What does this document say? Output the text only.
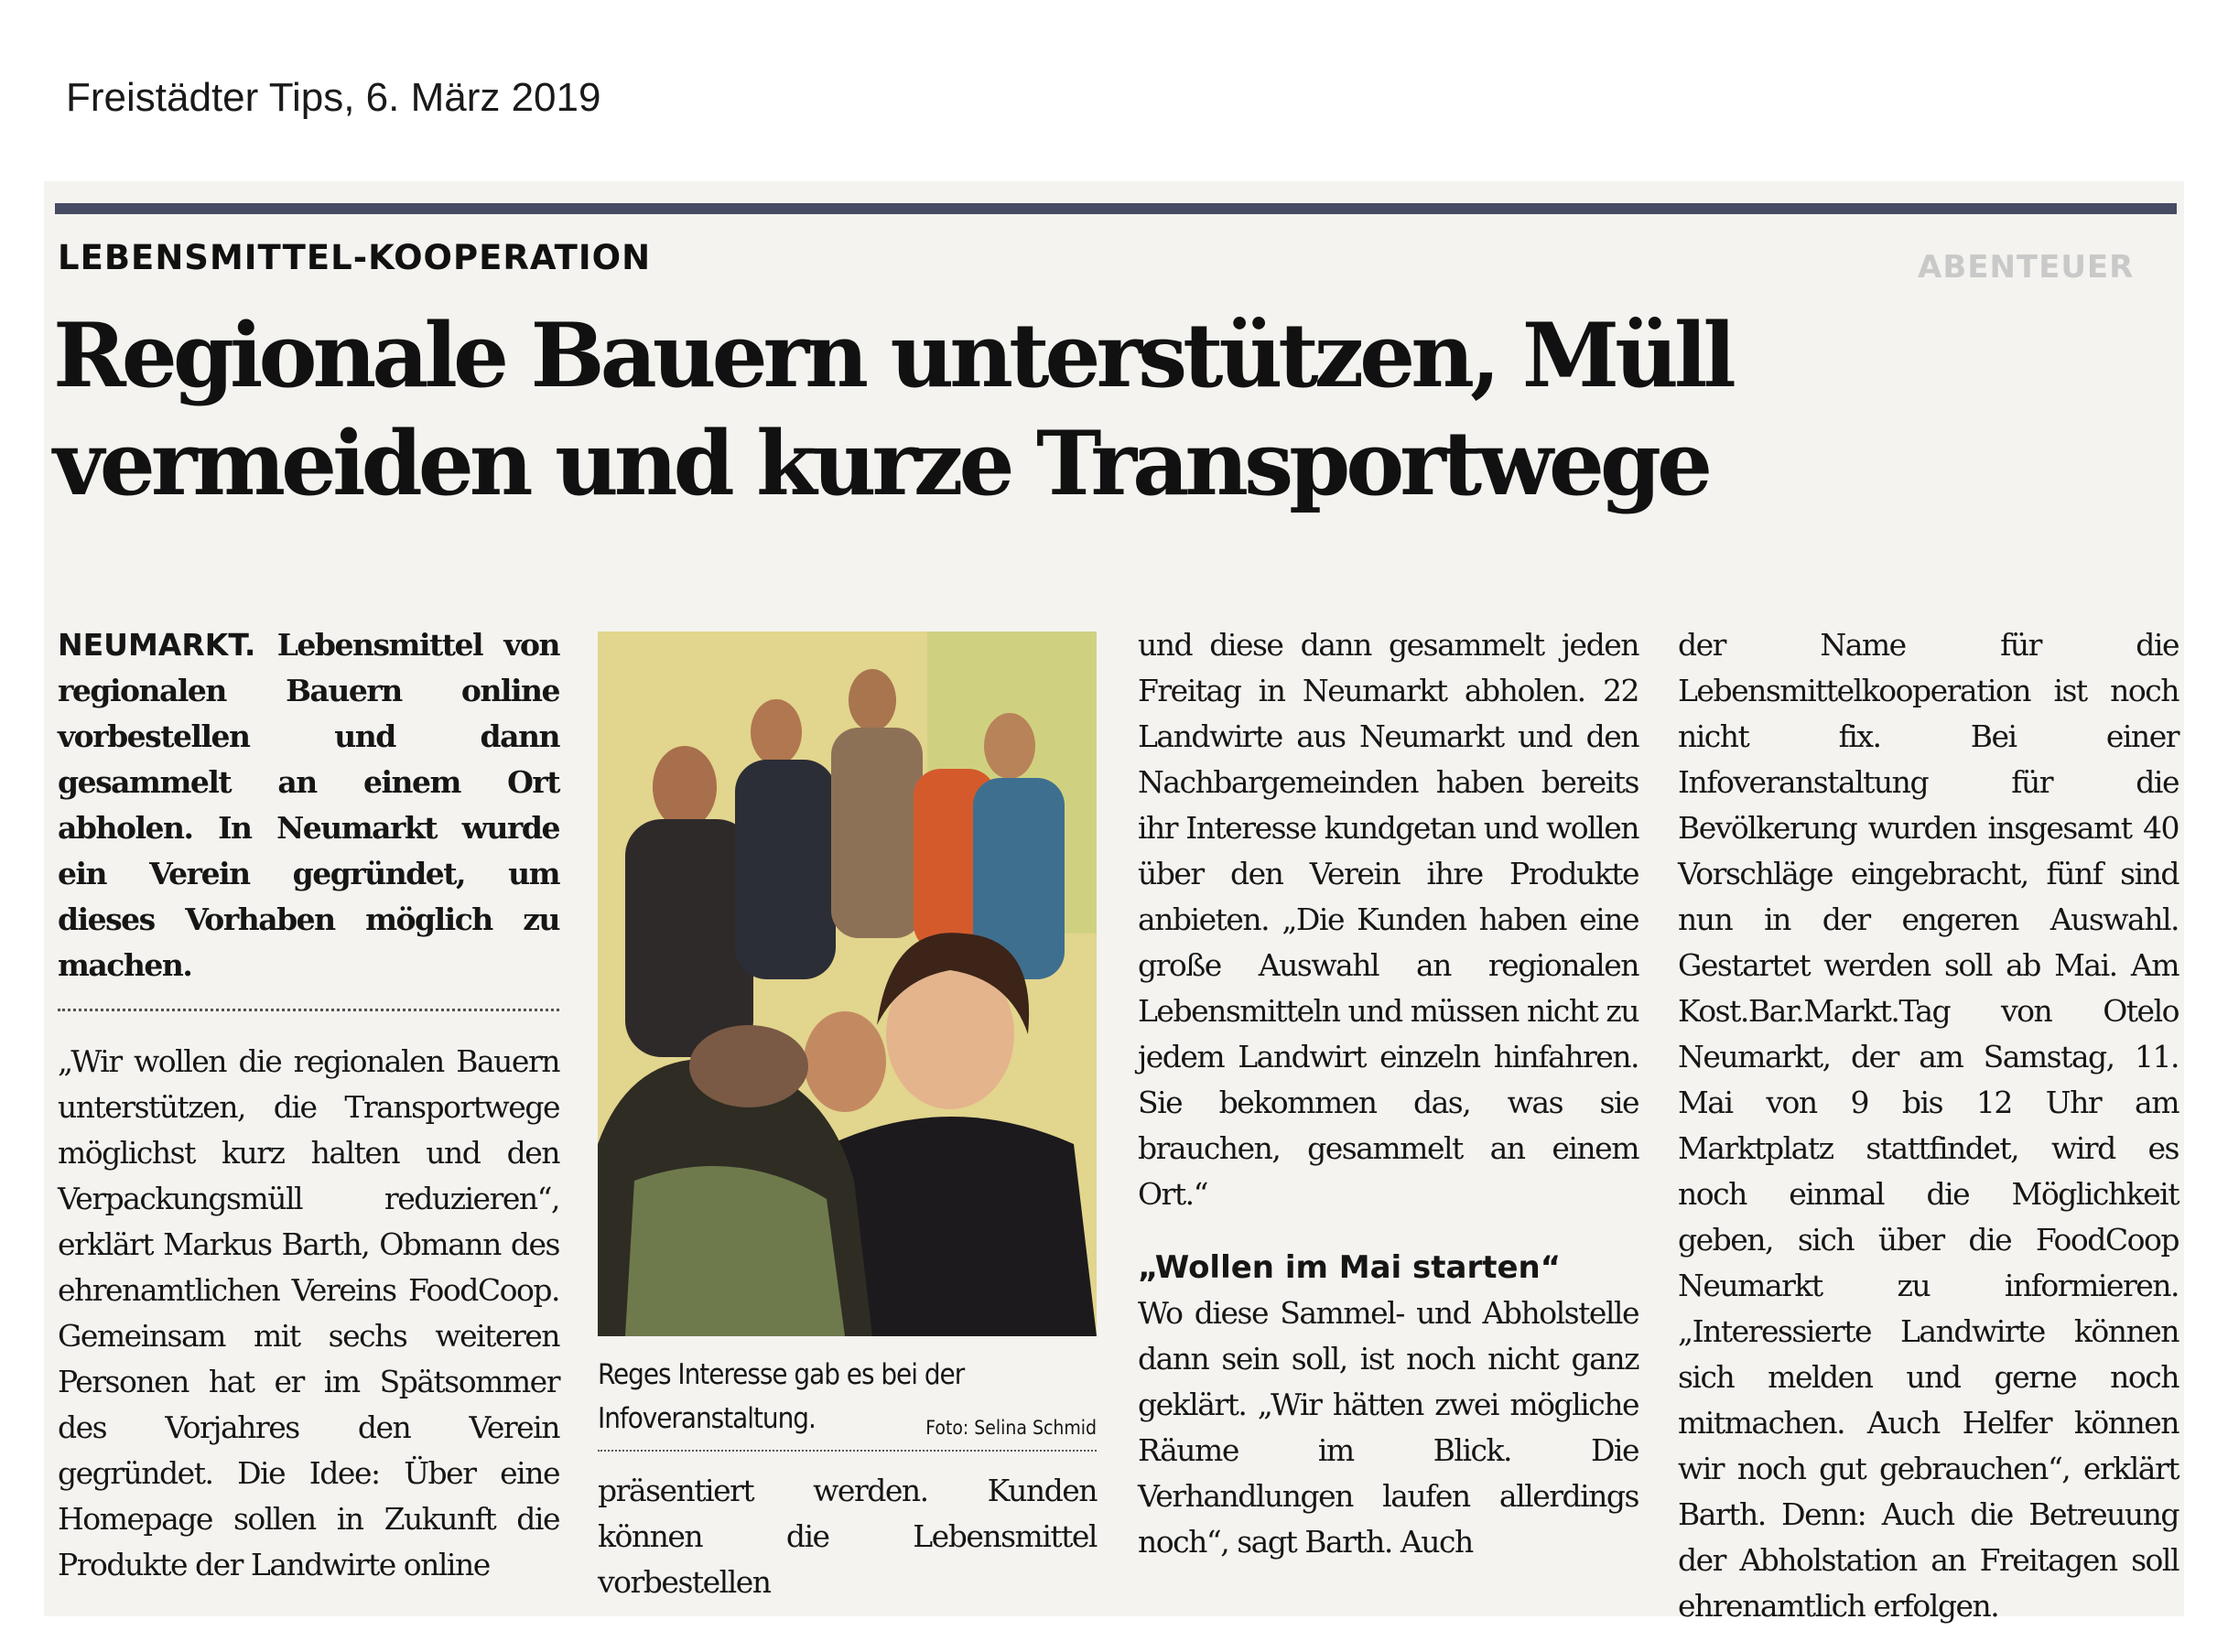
Freistädter Tips, 6. März 2019
ABENTEUER
LEBENSMITTEL-KOOPERATION
Regionale Bauern unterstützen, Müll
vermeiden und kurze Transportwege

NEUMARKT. Lebensmittel von regionalen Bauern online vorbestellen und dann gesammelt an einem Ort abholen. In Neumarkt wurde ein Verein gegründet, um dieses Vorhaben möglich zu machen.

„Wir wollen die regionalen Bauern unterstützen, die Transportwege möglichst kurz halten und den Verpackungsmüll reduzieren“, erklärt Markus Barth, Obmann des ehrenamtlichen Vereins FoodCoop. Gemeinsam mit sechs weiteren Personen hat er im Spätsommer des Vorjahres den Verein gegründet. Die Idee: Über eine Homepage sollen in Zukunft die Produkte der Landwirte online

Reges Interesse gab es bei der Infoveranstaltung.	Foto: Selina Schmid
präsentiert werden. Kunden können die Lebensmittel vorbestellen

und diese dann gesammelt jeden Freitag in Neumarkt abholen. 22 Landwirte aus Neumarkt und den Nachbargemeinden haben bereits ihr Interesse kundgetan und wollen über den Verein ihre Produkte anbieten. „Die Kunden haben eine große Auswahl an regionalen Lebensmitteln und müssen nicht zu jedem Landwirt einzeln hinfahren. Sie bekommen das, was sie brauchen, gesammelt an einem Ort.“

„Wollen im Mai starten“

Wo diese Sammel- und Abholstelle dann sein soll, ist noch nicht ganz geklärt. „Wir hätten zwei mögliche Räume im Blick. Die Verhandlungen laufen allerdings noch“, sagt Barth. Auch

der Name für die Lebensmittelkooperation ist noch nicht fix. Bei einer Infoveranstaltung für die Bevölkerung wurden insgesamt 40 Vorschläge eingebracht, fünf sind nun in der engeren Auswahl. Gestartet werden soll ab Mai. Am Kost.Bar.Markt.Tag von Otelo Neumarkt, der am Samstag, 11. Mai von 9 bis 12 Uhr am Marktplatz stattfindet, wird es noch einmal die Möglichkeit geben, sich über die FoodCoop Neumarkt zu informieren. „Interessierte Landwirte können sich melden und gerne noch mitmachen. Auch Helfer können wir noch gut gebrauchen“, erklärt Barth. Denn: Auch die Betreuung der Abholstation an Freitagen soll ehrenamtlich erfolgen.
